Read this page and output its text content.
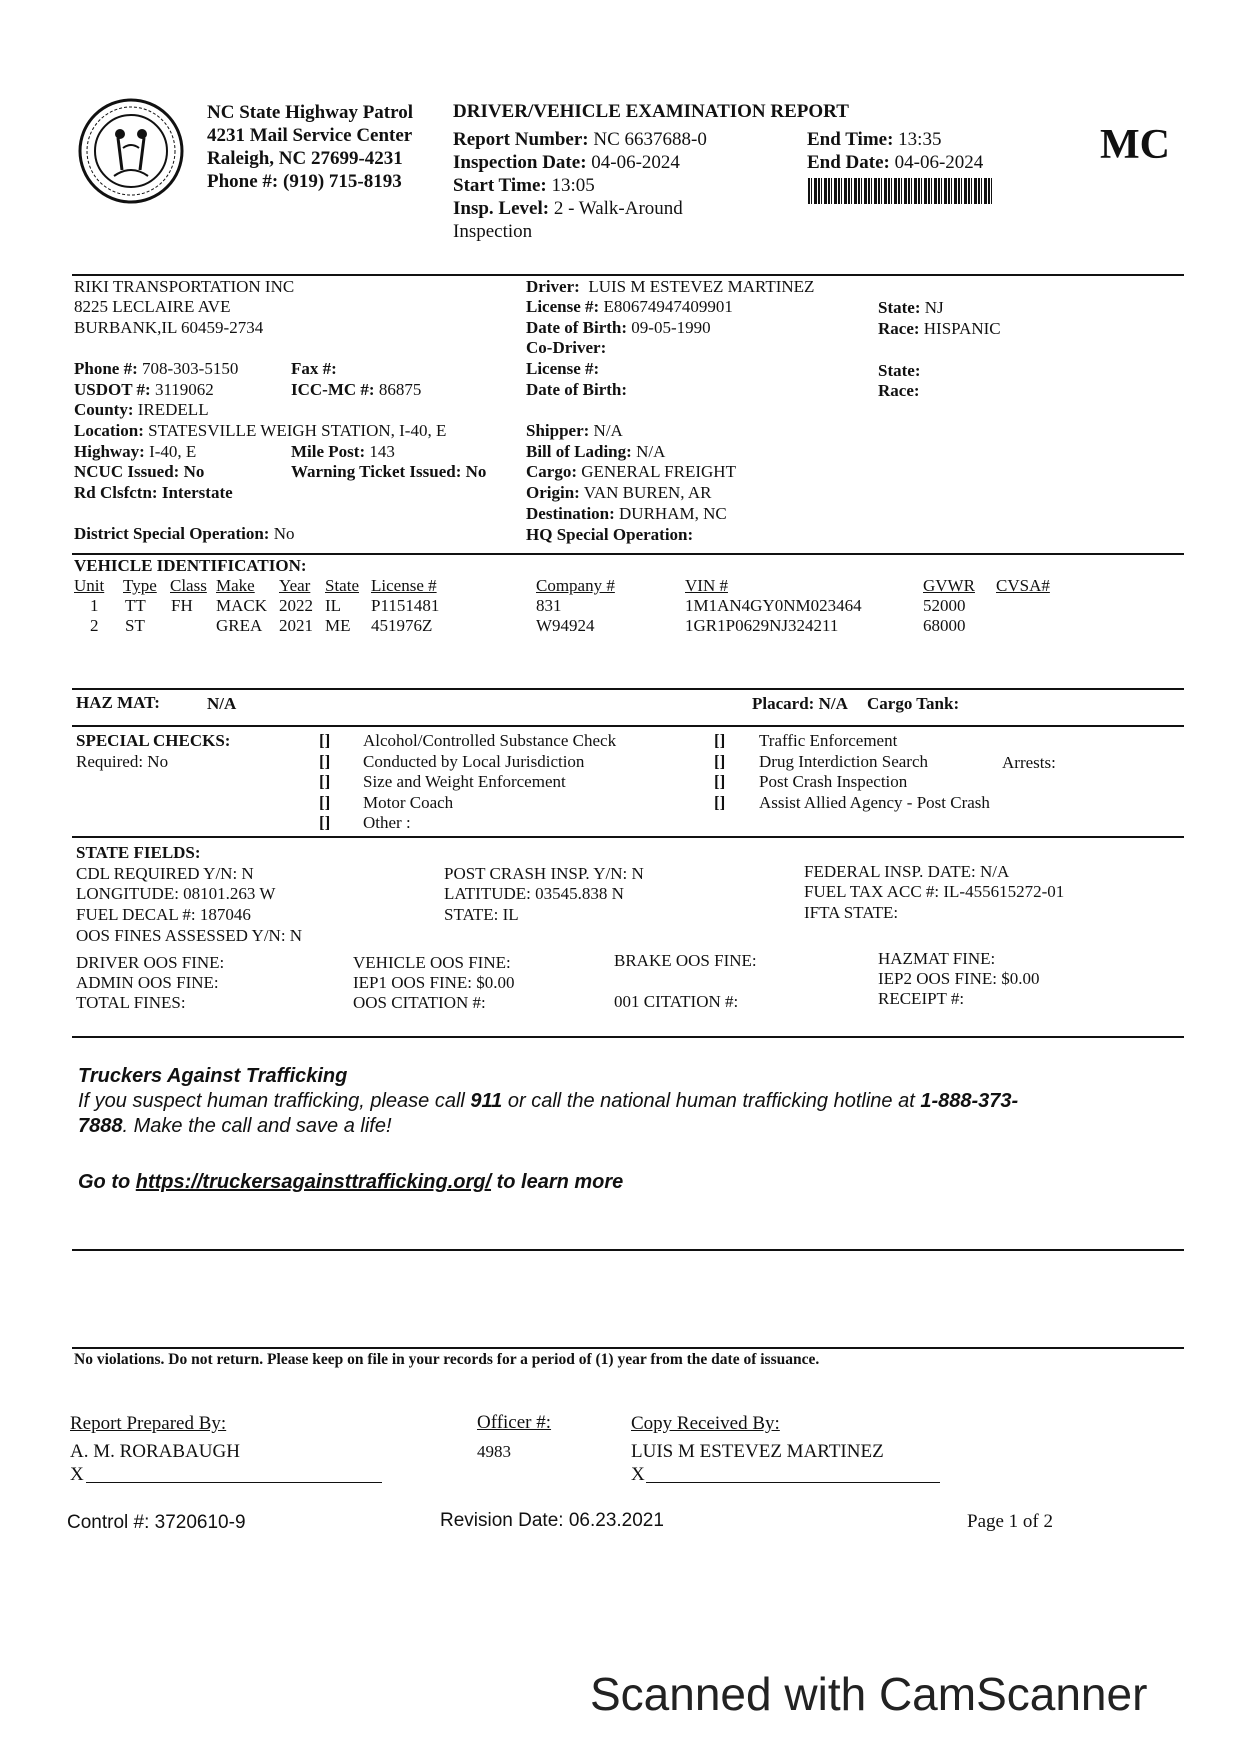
NC State Highway Patrol
4231 Mail Service Center
Raleigh, NC 27699-4231
Phone #: (919) 715-8193
DRIVER/VEHICLE EXAMINATION REPORT
Report Number: NC 6637688-0
Inspection Date: 04-06-2024
Start Time: 13:05
Insp. Level: 2 - Walk-Around
Inspection
End Time: 13:35
End Date: 04-06-2024	MC
RIKI TRANSPORTATION INC
8225 LECLAIRE AVE
BURBANK,IL 60459-2734
Phone #: 708-303-5150	Fax #:
USDOT #: 3119062	ICC-MC #: 86875
County: IREDELL
Location: STATESVILLE WEIGH STATION, I-40, E
Highway: I-40, E	Mile Post: 143
NCUC Issued: No	Warning Ticket Issued: No
Rd Clsfctn: Interstate
District Special Operation: No
Driver: LUIS M ESTEVEZ MARTINEZ
License #: E80674947409901
Date of Birth: 09-05-1990
State: NJ
Race: HISPANIC
Co-Driver:
License #:
Date of Birth:
State:
Race:
Shipper: N/A
Bill of Lading: N/A
Cargo: GENERAL FREIGHT
Origin: VAN BUREN, AR
Destination: DURHAM, NC
HQ Special Operation:
VEHICLE IDENTIFICATION:
Unit Type Class Make Year State License #	Company #	VIN #	GVWR CVSA#
1 TT FH MACK 2022 IL P1151481	831	1M1AN4GY0NM023464	52000
2 ST	GREA 2021 ME 451976Z	W94924	1GR1P0629NJ324211	68000
HAZ MAT:	N/A	Placard: N/A Cargo Tank:
SPECIAL CHECKS:
Required: No
[]
[]
[]
[]
[]
Alcohol/Controlled Substance Check
Conducted by Local Jurisdiction
Size and Weight Enforcement
Motor Coach
Other :
[]
[]
[]
[]
Traffic Enforcement
Drug Interdiction Search
Post Crash Inspection
Assist Allied Agency - Post Crash
Arrests:
STATE FIELDS:
CDL REQUIRED Y/N: N
LONGITUDE: 08101.263 W
FUEL DECAL #: 187046
OOS FINES ASSESSED Y/N: N
POST CRASH INSP. Y/N: N
LATITUDE: 03545.838 N
STATE: IL
FEDERAL INSP. DATE: N/A
FUEL TAX ACC #: IL-455615272-01
IFTA STATE:
DRIVER OOS FINE:
ADMIN OOS FINE:
TOTAL FINES:
VEHICLE OOS FINE:
IEP1 OOS FINE: $0.00
OOS CITATION #:
BRAKE OOS FINE:
001 CITATION #:
HAZMAT FINE:
IEP2 OOS FINE: $0.00
RECEIPT #:
Truckers Against Trafficking
If you suspect human trafficking, please call 911 or call the national human trafficking hotline at 1-888-373-
7888. Make the call and save a life!
Go to https://truckersagainsttrafficking.org/ to learn more
No violations. Do not return. Please keep on file in your records for a period of (1) year from the date of issuance.
Report Prepared By:
A. M. RORABAUGH
X
Officer #:
4983
Copy Received By:
LUIS M ESTEVEZ MARTINEZ
X
Control #: 3720610-9	Revision Date: 06.23.2021	Page 1 of 2
Scanned with CamScanner
